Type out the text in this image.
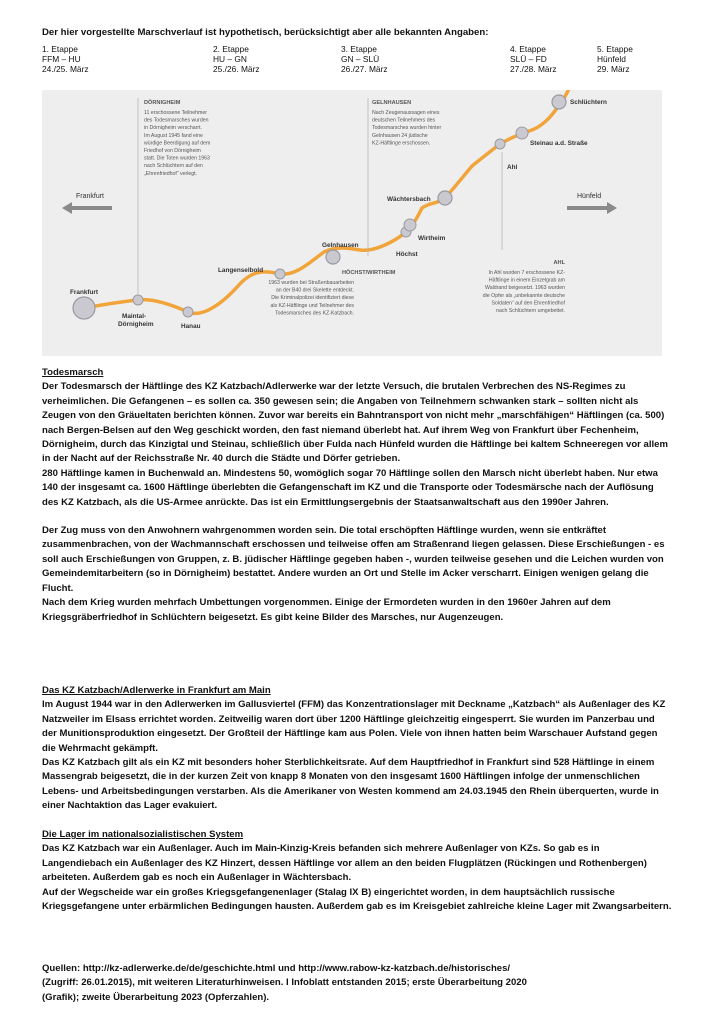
Der hier vorgestellte Marschverlauf ist hypothetisch, berücksichtigt aber alle bekannten Angaben:
1. Etappe
FFM – HU
24./25. März
2. Etappe
HU – GN
25./26. März
3. Etappe
GN – SLÜ
26./27. März
4. Etappe
SLÜ – FD
27./28. März
5. Etappe
Hünfeld
29. März
Frankfurt	Hünfeld
Frankfurt
Maintal-Dörnigheim	Hanau
Langenselbold
Gelnhausen
Höchst
Wächtersbach
Wirtheim
Ahl
Steinau a.d. Straße
Schlüchtern
DÖRNIGHEIM
11 erschossene Teilnehmer des Todesmarsches wurden in Dörnigheim verscharrt. Im August 1945 fand eine würdige Beerdigung auf dem Friedhof von Dörnigheim statt. Die Toten wurden 1963 nach Schlüchtern auf den „Ehrenfriedhof“ verlegt.
GELNHAUSEN
Nach Zeugenaussagen eines deutschen Teilnehmers des Todesmarsches wurden hinter Gelnhausen 24 jüdische KZ-Häftlinge erschossen.
HÖCHST/WIRTHEIM
1963 wurden bei Straßenbauarbeiten an der B40 drei Skelette entdeckt. Die Kriminalpolizei identifiziert diese als KZ-Häftlinge und Teilnehmer des Todesmarsches des KZ-Katzbach.
AHL
In Ahl wurden 7 erschossene KZ-Häftlinge in einem Einzelgrab am Waldrand beigesetzt. 1963 wurden die Opfer als „unbekannte deutsche Soldaten“ auf den Ehrenfriedhof nach Schlüchtern umgebettet.

Todesmarsch

Der Todesmarsch der Häftlinge des KZ Katzbach/Adlerwerke war der letzte Versuch, die brutalen Verbrechen des NS-Regimes zu verheimlichen. Die Gefangenen – es sollen ca. 350 gewesen sein; die Angaben von Teilnehmern schwanken stark – sollten nicht als Zeugen von den Gräueltaten berichten können. Zuvor war bereits ein Bahntransport von nicht mehr „marschfähigen“ Häftlingen (ca. 500) nach Bergen-Belsen auf den Weg geschickt worden, den fast niemand überlebt hat. Auf ihrem Weg von Frankfurt über Fechenheim, Dörnigheim, durch das Kinzigtal und Steinau, schließlich über Fulda nach Hünfeld wurden die Häftlinge bei kaltem Schneeregen vor allem in der Nacht auf der Reichsstraße Nr. 40 durch die Städte und Dörfer getrieben.

280 Häftlinge kamen in Buchenwald an. Mindestens 50, womöglich sogar 70 Häftlinge sollen den Marsch nicht überlebt haben. Nur etwa 140 der insgesamt ca. 1600 Häftlinge überlebten die Gefangenschaft im KZ und die Transporte oder Todesmärsche nach der Auflösung des KZ Katzbach, als die US-Armee anrückte. Das ist ein Ermittlungsergebnis der Staatsanwaltschaft aus den 1990er Jahren.

Der Zug muss von den Anwohnern wahrgenommen worden sein. Die total erschöpften Häftlinge wurden, wenn sie entkräftet zusammenbrachen, von der Wachmannschaft erschossen und teilweise offen am Straßenrand liegen gelassen. Diese Erschießungen - es soll auch Erschießungen von Gruppen, z. B. jüdischer Häftlinge gegeben haben -, wurden teilweise gesehen und die Leichen wurden von Gemeindemitarbeitern (so in Dörnigheim) bestattet. Andere wurden an Ort und Stelle im Acker verscharrt. Einigen wenigen gelang die Flucht.

Nach dem Krieg wurden mehrfach Umbettungen vorgenommen. Einige der Ermordeten wurden in den 1960er Jahren auf dem Kriegsgräberfriedhof in Schlüchtern beigesetzt. Es gibt keine Bilder des Marsches, nur Augenzeugen.

Das KZ Katzbach/Adlerwerke in Frankfurt am Main

Im August 1944 war in den Adlerwerken im Gallusviertel (FFM) das Konzentrationslager mit Deckname „Katzbach“ als Außenlager des KZ Natzweiler im Elsass errichtet worden. Zeitweilig waren dort über 1200 Häftlinge gleichzeitig eingesperrt. Sie wurden im Panzerbau und der Munitionsproduktion eingesetzt. Der Großteil der Häftlinge kam aus Polen. Viele von ihnen hatten beim Warschauer Aufstand gegen die Wehrmacht gekämpft.

Das KZ Katzbach gilt als ein KZ mit besonders hoher Sterblichkeitsrate. Auf dem Hauptfriedhof in Frankfurt sind 528 Häftlinge in einem Massengrab beigesetzt, die in der kurzen Zeit von knapp 8 Monaten von den insgesamt 1600 Häftlingen infolge der unmenschlichen Lebens- und Arbeitsbedingungen verstarben. Als die Amerikaner von Westen kommend am 24.03.1945 den Rhein überquerten, wurde in einer Nachtaktion das Lager evakuiert.

Die Lager im nationalsozialistischen System

Das KZ Katzbach war ein Außenlager. Auch im Main-Kinzig-Kreis befanden sich mehrere Außenlager von KZs. So gab es in Langendiebach ein Außenlager des KZ Hinzert, dessen Häftlinge vor allem an den beiden Flugplätzen (Rückingen und Rothenbergen) arbeiteten. Außerdem gab es noch ein Außenlager in Wächtersbach.

Auf der Wegscheide war ein großes Kriegsgefangenenlager (Stalag IX B) eingerichtet worden, in dem hauptsächlich russische Kriegsgefangene unter erbärmlichen Bedingungen hausten. Außerdem gab es im Kreisgebiet zahlreiche kleine Lager mit Zwangsarbeitern.

Quellen: http://kz-adlerwerke.de/de/geschichte.html und http://www.rabow-kz-katzbach.de/historisches/

(Zugriff: 26.01.2015), mit weiteren Literaturhinweisen. I Infoblatt entstanden 2015; erste Überarbeitung 2020

(Grafik); zweite Überarbeitung 2023 (Opferzahlen).
